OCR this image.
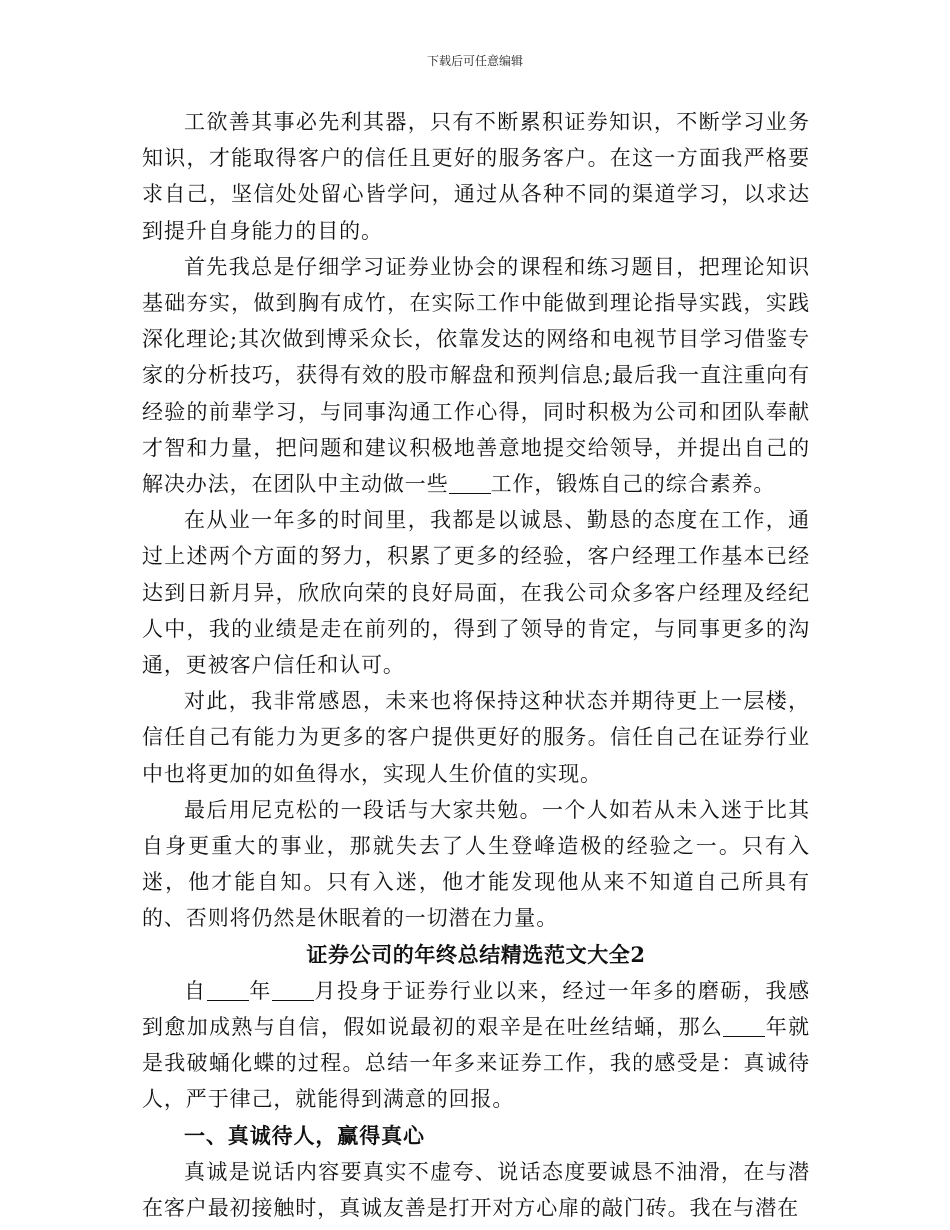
下载后可任意编辑

工欲善其事必先利其器，只有不断累积证券知识，不断学习业务知识，才能取得客户的信任且更好的服务客户。在这一方面我严格要求自己，坚信处处留心皆学问，通过从各种不同的渠道学习，以求达到提升自身能力的目的。

首先我总是仔细学习证券业协会的课程和练习题目，把理论知识基础夯实，做到胸有成竹，在实际工作中能做到理论指导实践，实践深化理论;其次做到博采众长，依靠发达的网络和电视节目学习借鉴专家的分析技巧，获得有效的股市解盘和预判信息;最后我一直注重向有经验的前辈学习，与同事沟通工作心得，同时积极为公司和团队奉献才智和力量，把问题和建议积极地善意地提交给领导，并提出自己的解决办法，在团队中主动做一些 工作，锻炼自己的综合素养。

在从业一年多的时间里，我都是以诚恳、勤恳的态度在工作，通过上述两个方面的努力，积累了更多的经验，客户经理工作基本已经达到日新月异，欣欣向荣的良好局面，在我公司众多客户经理及经纪人中，我的业绩是走在前列的，得到了领导的肯定，与同事更多的沟通，更被客户信任和认可。

对此，我非常感恩，未来也将保持这种状态并期待更上一层楼，信任自己有能力为更多的客户提供更好的服务。信任自己在证券行业中也将更加的如鱼得水，实现人生价值的实现。

最后用尼克松的一段话与大家共勉。一个人如若从未入迷于比其自身更重大的事业，那就失去了人生登峰造极的经验之一。只有入迷，他才能自知。只有入迷，他才能发现他从来不知道自己所具有的、否则将仍然是休眠着的一切潜在力量。

证券公司的年终总结精选范文大全2

自 年 月投身于证券行业以来，经过一年多的磨砺，我感到愈加成熟与自信，假如说最初的艰辛是在吐丝结蛹，那么 年就是我破蛹化蝶的过程。总结一年多来证券工作，我的感受是：真诚待人，严于律己，就能得到满意的回报。

一、真诚待人，赢得真心

真诚是说话内容要真实不虚夸、说话态度要诚恳不油滑，在与潜在客户最初接触时，真诚友善是打开对方心扉的敲门砖。我在与潜在
